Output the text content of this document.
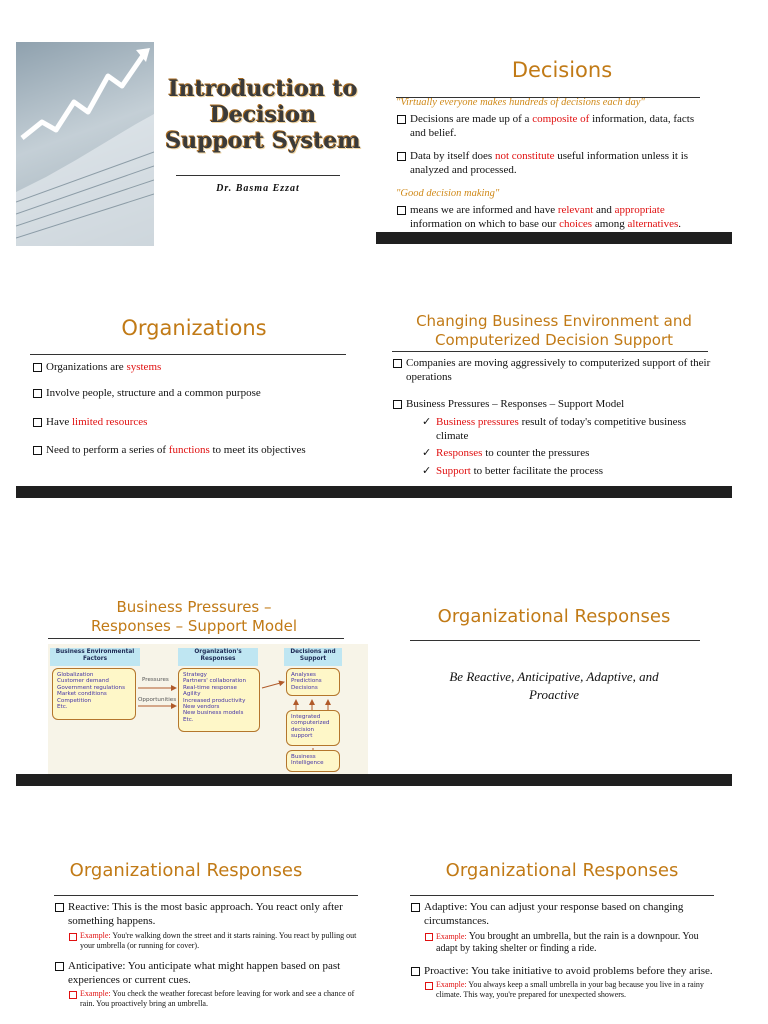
Introduction to
Decision
Support System
Dr. Basma Ezzat
Decisions
"Virtually everyone makes hundreds of decisions each day"
Decisions are made up of a composite of information, data, facts and belief.
Data by itself does not constitute useful information unless it is analyzed and processed.
"Good decision making"
means we are informed and have relevant and appropriate information on which to base our choices among alternatives.
Organizations
Organizations are systems
Involve people, structure and a common purpose
Have limited resources
Need to perform a series of functions to meet its objectives
Changing Business Environment and
Computerized Decision Support
Companies are moving aggressively to computerized support of their operations
Business Pressures – Responses – Support Model
✓ Business pressures result of today's competitive business climate
✓ Responses to counter the pressures
✓ Support to better facilitate the process
Business Pressures –
Responses – Support Model
Business Environmental Factors
Organization's Responses
Decisions and Support
Globalization
Customer demand
Government regulations
Market conditions
Competition
Etc.
Strategy
Partners' collaboration
Real-time response
Agility
Increased productivity
New vendors
New business models
Etc.
Analyses
Predictions
Decisions
Integrated
computerized
decision
support
Business
Intelligence
Pressures
Opportunities
Organizational Responses
Be Reactive, Anticipative, Adaptive, and
Proactive
Organizational Responses
Reactive: This is the most basic approach. You react only after something happens.
Example: You're walking down the street and it starts raining. You react by pulling out your umbrella (or running for cover).
Anticipative: You anticipate what might happen based on past experiences or current cues.
Example: You check the weather forecast before leaving for work and see a chance of rain. You proactively bring an umbrella.
Organizational Responses
Adaptive: You can adjust your response based on changing circumstances.
Example: You brought an umbrella, but the rain is a downpour. You adapt by taking shelter or finding a ride.
Proactive: You take initiative to avoid problems before they arise.
Example: You always keep a small umbrella in your bag because you live in a rainy climate. This way, you're prepared for unexpected showers.
